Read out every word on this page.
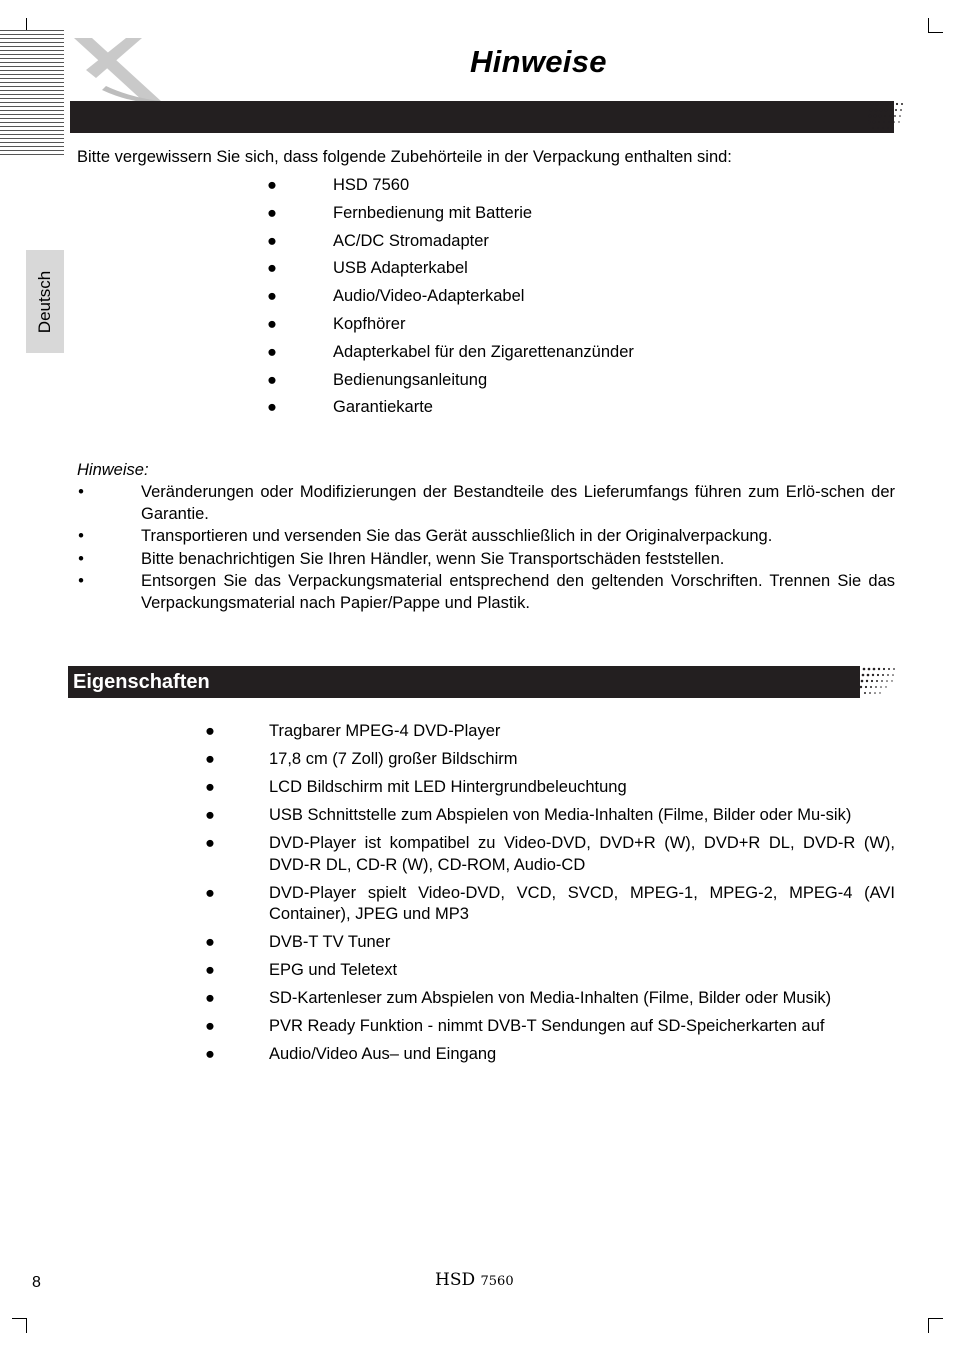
Hinweise
Deutsch
Bitte vergewissern Sie sich, dass folgende Zubehörteile in der Verpackung enthalten sind:
●	HSD 7560
●	Fernbedienung mit Batterie
●	AC/DC Stromadapter
●	USB Adapterkabel
●	Audio/Video-Adapterkabel
●	Kopfhörer
●	Adapterkabel für den Zigarettenanzünder
●	Bedienungsanleitung
●	Garantiekarte
Hinweise:
•	Veränderungen oder Modifizierungen der Bestandteile des Lieferumfangs führen zum Erlö-schen der Garantie.
•	Transportieren und versenden Sie das Gerät ausschließlich in der Originalverpackung.
•	Bitte benachrichtigen Sie Ihren Händler, wenn Sie Transportschäden feststellen.
•	Entsorgen Sie das Verpackungsmaterial entsprechend den geltenden Vorschriften. Trennen Sie das Verpackungsmaterial nach Papier/Pappe und Plastik.
Eigenschaften
●	Tragbarer MPEG-4 DVD-Player
●	17,8 cm (7 Zoll) großer Bildschirm
●	LCD Bildschirm mit LED Hintergrundbeleuchtung
●	USB Schnittstelle zum Abspielen von Media-Inhalten (Filme, Bilder oder Mu-sik)
●	DVD-Player ist kompatibel zu Video-DVD, DVD+R (W), DVD+R DL, DVD-R (W), DVD-R DL, CD-R (W), CD-ROM, Audio-CD
●	DVD-Player spielt Video-DVD, VCD, SVCD, MPEG-1, MPEG-2, MPEG-4 (AVI Container), JPEG und MP3
●	DVB-T TV Tuner
●	EPG und Teletext
●	SD-Kartenleser zum Abspielen von Media-Inhalten (Filme, Bilder oder Musik)
●	PVR Ready Funktion - nimmt DVB-T Sendungen auf SD-Speicherkarten auf
●	Audio/Video Aus– und Eingang
8	HSD 7560
